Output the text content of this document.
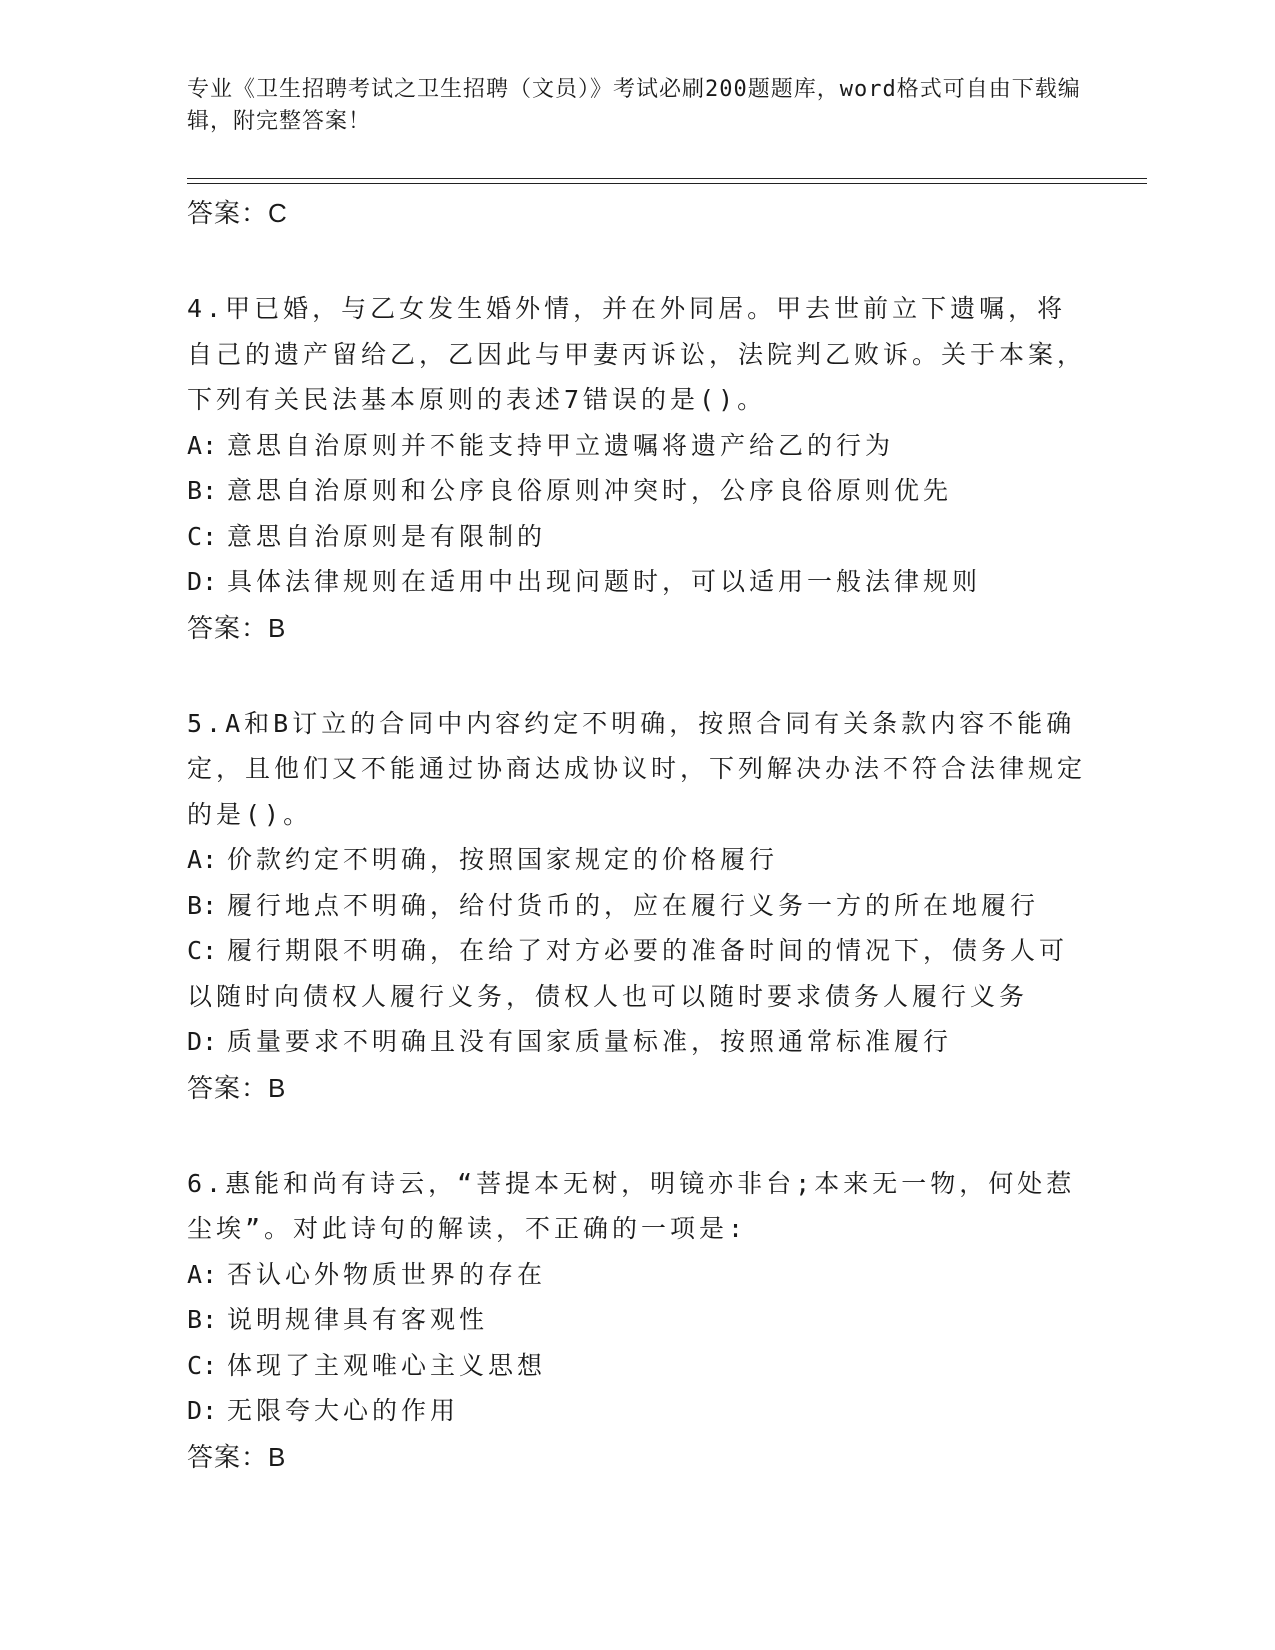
专业《卫生招聘考试之卫生招聘（文员）》考试必刷200题题库，word格式可自由下载编辑，附完整答案！
答案：C
4.甲已婚，与乙女发生婚外情，并在外同居。甲去世前立下遗嘱，将自己的遗产留给乙，乙因此与甲妻丙诉讼，法院判乙败诉。关于本案，下列有关民法基本原则的表述7错误的是()。
A: 意思自治原则并不能支持甲立遗嘱将遗产给乙的行为
B: 意思自治原则和公序良俗原则冲突时，公序良俗原则优先
C: 意思自治原则是有限制的
D: 具体法律规则在适用中出现问题时，可以适用一般法律规则
答案：B
5.A和B订立的合同中内容约定不明确，按照合同有关条款内容不能确定，且他们又不能通过协商达成协议时，下列解决办法不符合法律规定的是()。
A: 价款约定不明确，按照国家规定的价格履行
B: 履行地点不明确，给付货币的，应在履行义务一方的所在地履行
C: 履行期限不明确，在给了对方必要的准备时间的情况下，债务人可以随时向债权人履行义务，债权人也可以随时要求债务人履行义务
D: 质量要求不明确且没有国家质量标准，按照通常标准履行
答案：B
6.惠能和尚有诗云，“菩提本无树，明镜亦非台;本来无一物，何处惹尘埃”。对此诗句的解读，不正确的一项是:
A: 否认心外物质世界的存在
B: 说明规律具有客观性
C: 体现了主观唯心主义思想
D: 无限夸大心的作用
答案：B
